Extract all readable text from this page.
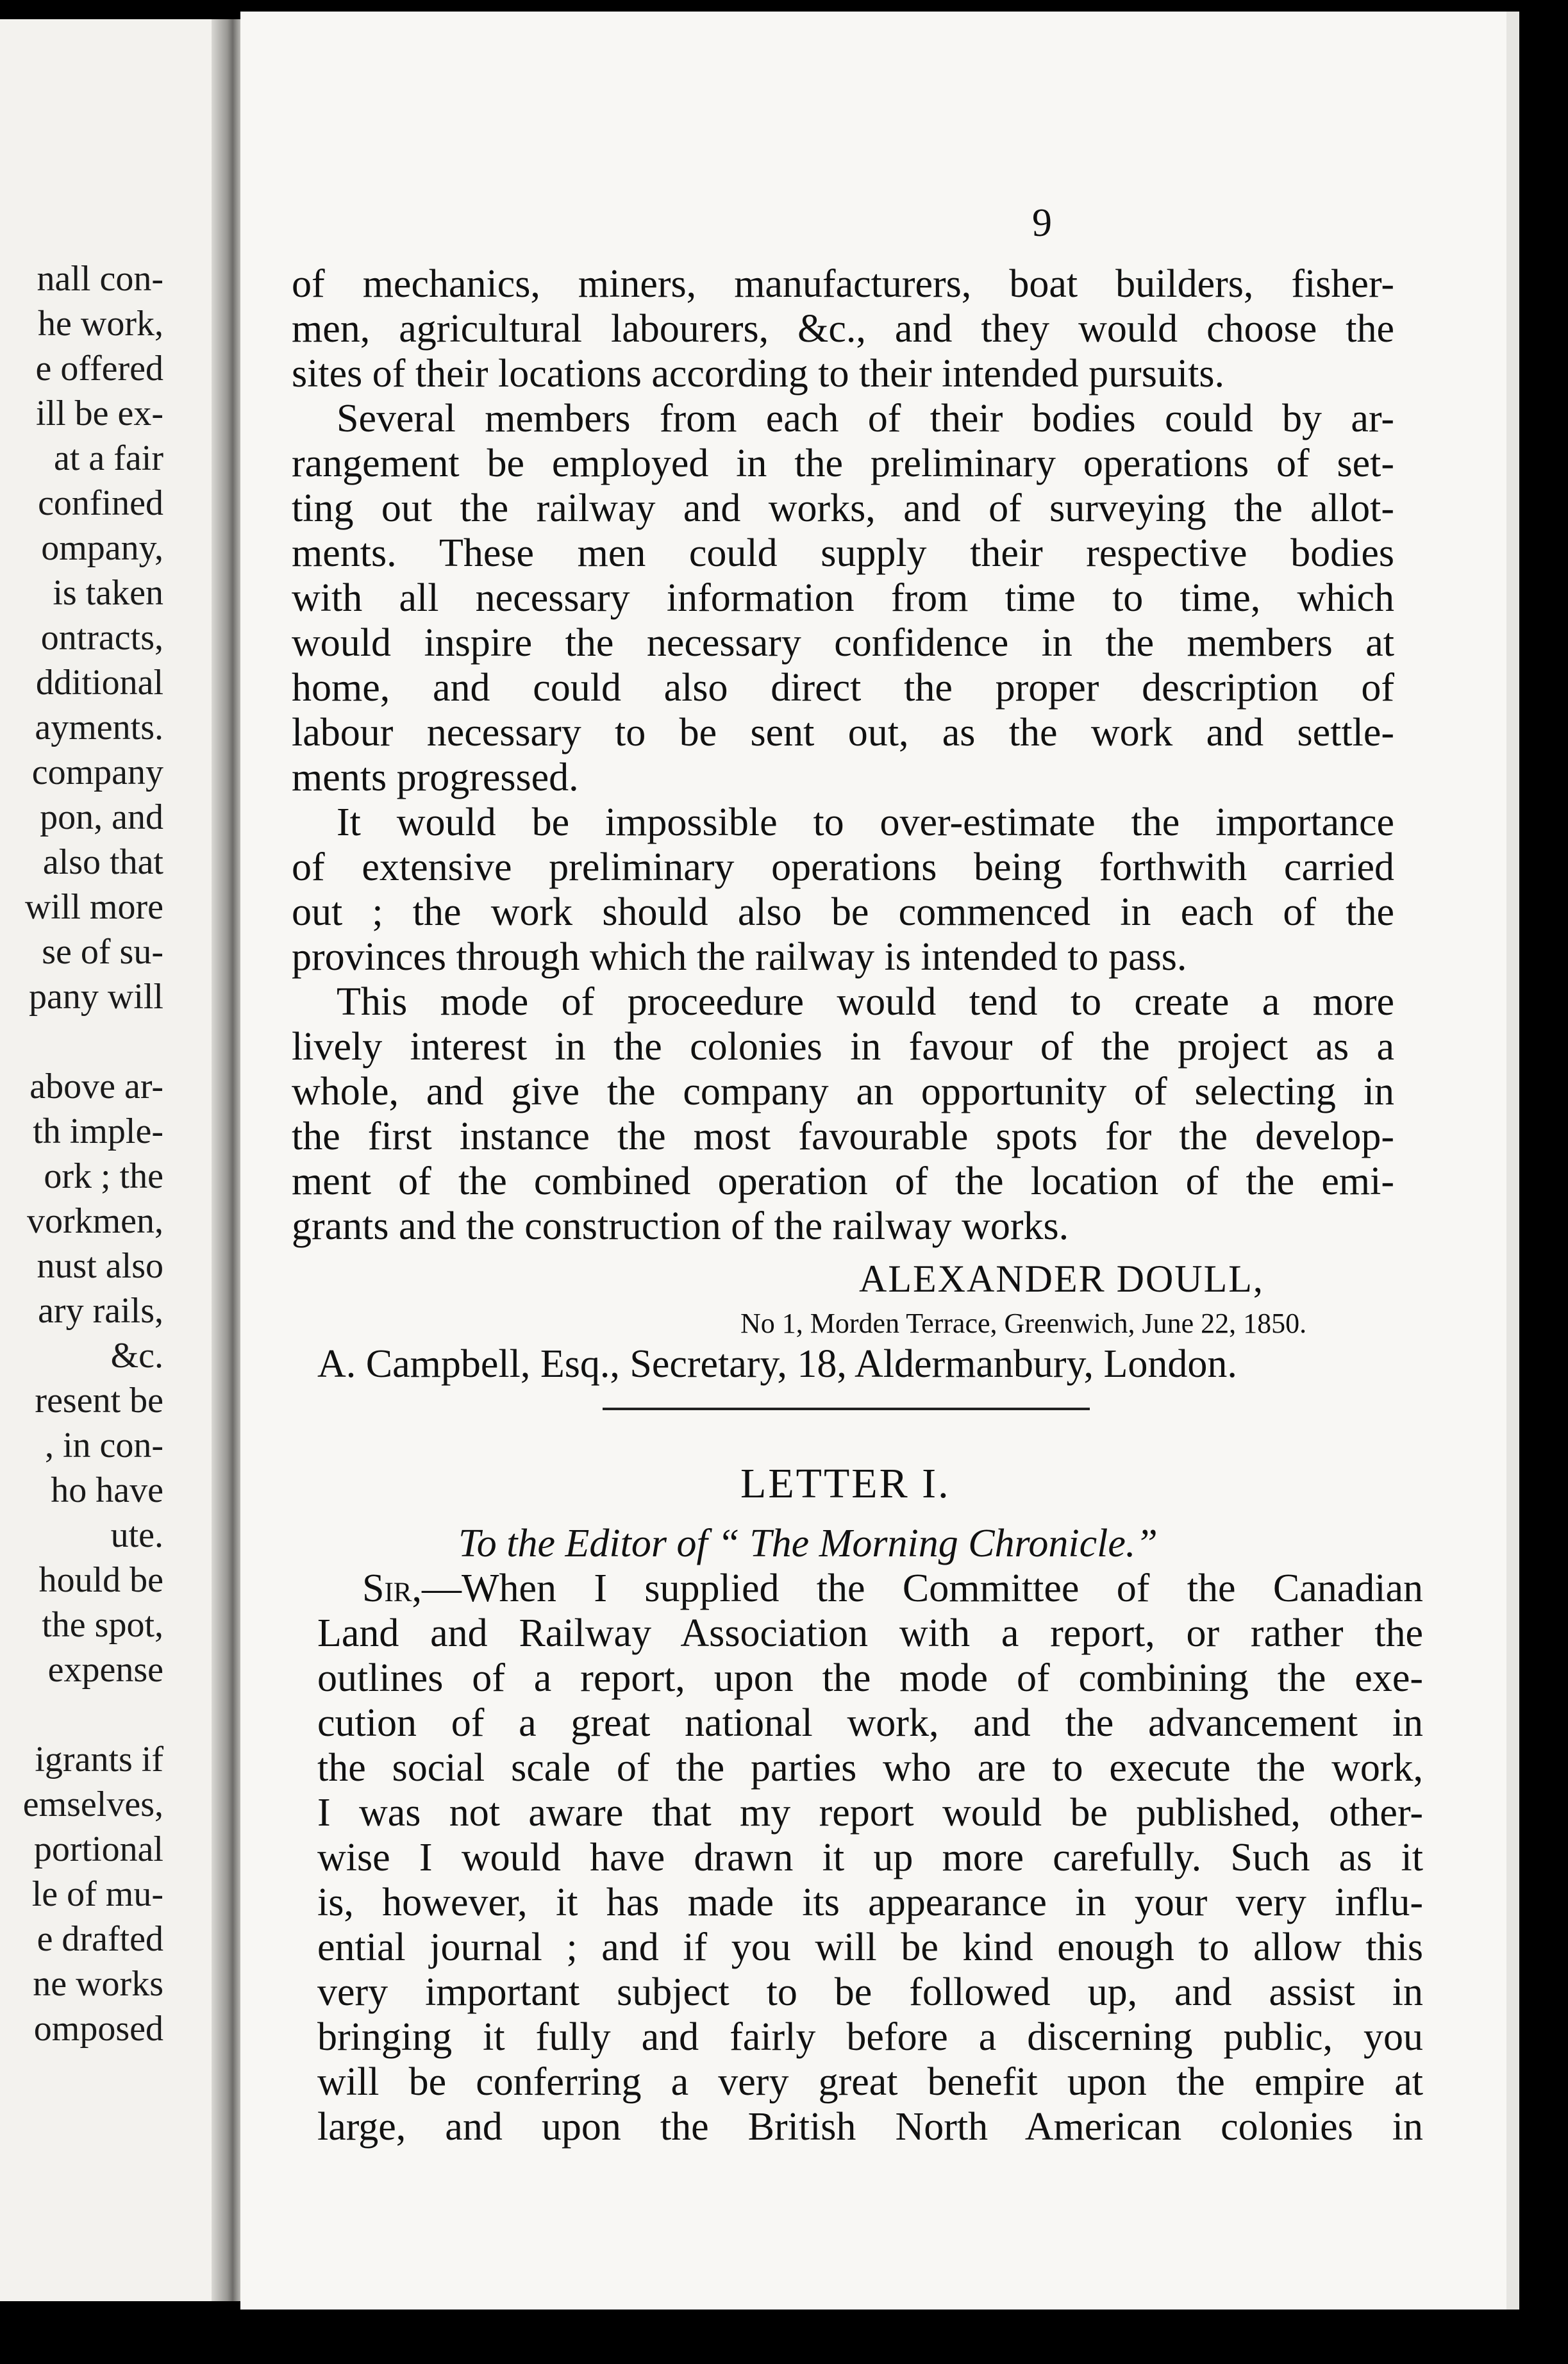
nall con-
he work,
e offered
ill be ex-
at a fair
confined
ompany,
is taken
ontracts,
dditional
ayments.
company
pon, and
also that
will more
se of su-
pany will
above ar-
th imple-
ork ; the
vorkmen,
nust also
ary rails,
&c.
resent be
, in con-
ho have
ute.
hould be
the spot,
expense
igrants if
emselves,
portional
le of mu-
e drafted
ne works
omposed
9
of mechanics, miners, manufacturers, boat builders, fisher-
men, agricultural labourers, &c., and they would choose the
sites of their locations according to their intended pursuits.
Several members from each of their bodies could by ar-
rangement be employed in the preliminary operations of set-
ting out the railway and works, and of surveying the allot-
ments. These men could supply their respective bodies
with all necessary information from time to time, which
would inspire the necessary confidence in the members at
home, and could also direct the proper description of
labour necessary to be sent out, as the work and settle-
ments progressed.
It would be impossible to over-estimate the importance
of extensive preliminary operations being forthwith carried
out ; the work should also be commenced in each of the
provinces through which the railway is intended to pass.
This mode of proceedure would tend to create a more
lively interest in the colonies in favour of the project as a
whole, and give the company an opportunity of selecting in
the first instance the most favourable spots for the develop-
ment of the combined operation of the location of the emi-
grants and the construction of the railway works.
ALEXANDER DOULL,
No 1, Morden Terrace, Greenwich, June 22, 1850.
A. Campbell, Esq., Secretary, 18, Aldermanbury, London.
LETTER I.
To the Editor of “ The Morning Chronicle.”
Sir,—When I supplied the Committee of the Canadian
Land and Railway Association with a report, or rather the
outlines of a report, upon the mode of combining the exe-
cution of a great national work, and the advancement in
the social scale of the parties who are to execute the work,
I was not aware that my report would be published, other-
wise I would have drawn it up more carefully. Such as it
is, however, it has made its appearance in your very influ-
ential journal ; and if you will be kind enough to allow this
very important subject to be followed up, and assist in
bringing it fully and fairly before a discerning public, you
will be conferring a very great benefit upon the empire at
large, and upon the British North American colonies in
